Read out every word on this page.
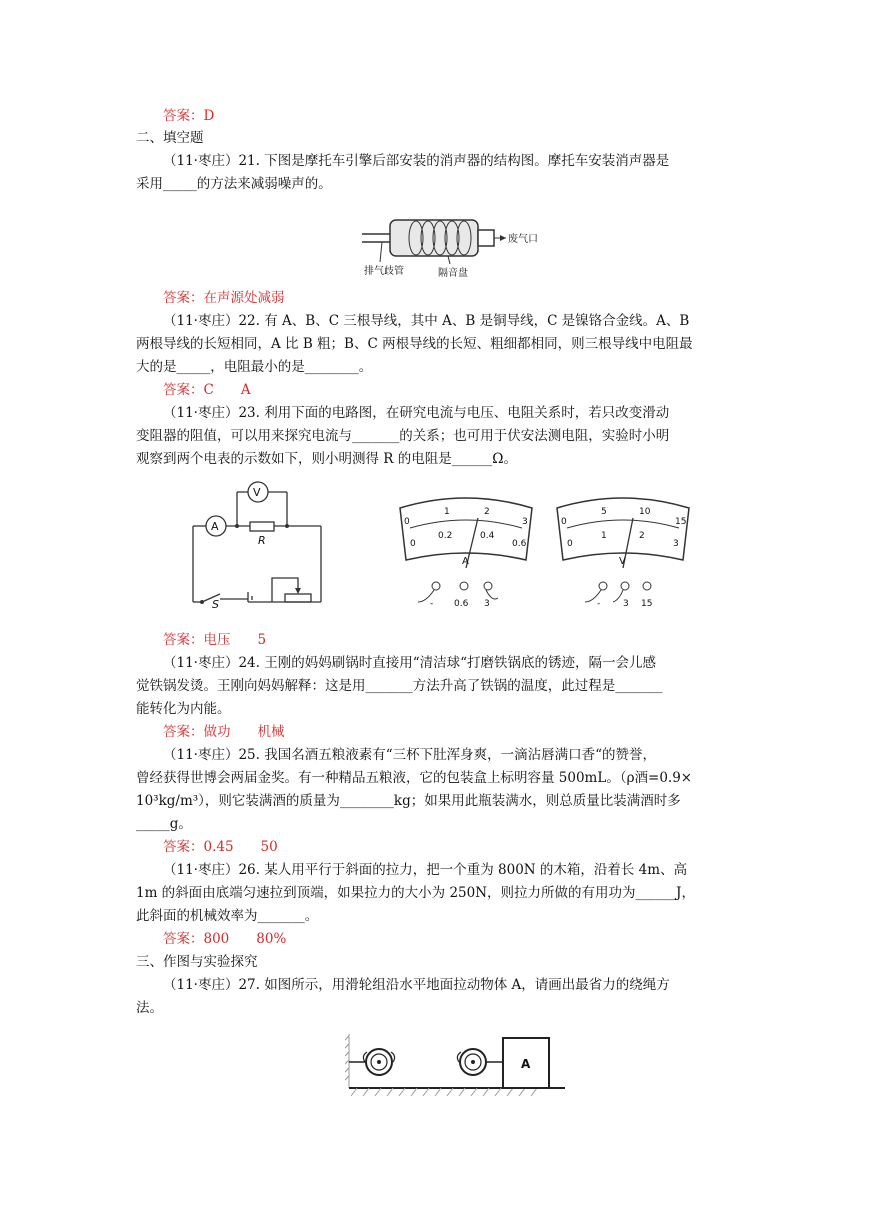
答案：D
二、填空题
（11·枣庄）21. 下图是摩托车引擎后部安装的消声器的结构图。摩托车安装消声器是
采用_____的方法来减弱噪声的。
废气口
排气歧管	隔音盘
答案：在声源处减弱
（11·枣庄）22. 有 A、B、C 三根导线，其中 A、B 是铜导线，C 是镍铬合金线。A、B
两根导线的长短相同，A 比 B 粗；B、C 两根导线的长短、粗细都相同，则三根导线中电阻最
大的是_____，电阻最小的是________。
答案：C　　A
（11·枣庄）23. 利用下面的电路图，在研究电流与电压、电阻关系时，若只改变滑动
变阻器的阻值，可以用来探究电流与_______的关系；也可用于伏安法测电阻，实验时小明
观察到两个电表的示数如下，则小明测得 R 的电阻是______Ω。
A
V
R
S
0
1	2
3
0
0.2	0.4
0.6
A
- 0.6 3
0
5	10
15
0
1	2
3
V
-	3 15
答案：电压　　5
（11·枣庄）24. 王刚的妈妈刷锅时直接用“清洁球“打磨铁锅底的锈迹，隔一会儿感
觉铁锅发烫。王刚向妈妈解释：这是用_______方法升高了铁锅的温度，此过程是_______
能转化为内能。
答案：做功　　机械
（11·枣庄）25. 我国名酒五粮液素有“三杯下肚浑身爽，一滴沾唇满口香“的赞誉，
曾经获得世博会两届金奖。有一种精品五粮液，它的包装盒上标明容量 500mL。（ρ酒=0.9×
10³kg/m³），则它装满酒的质量为________kg；如果用此瓶装满水，则总质量比装满酒时多
_____g。
答案：0.45　　50
（11·枣庄）26. 某人用平行于斜面的拉力，把一个重为 800N 的木箱，沿着长 4m、高
1m 的斜面由底端匀速拉到顶端，如果拉力的大小为 250N，则拉力所做的有用功为______J，
此斜面的机械效率为_______。
答案：800　　80%
三、作图与实验探究
（11·枣庄）27. 如图所示，用滑轮组沿水平地面拉动物体 A，请画出最省力的绕绳方
法。
A
